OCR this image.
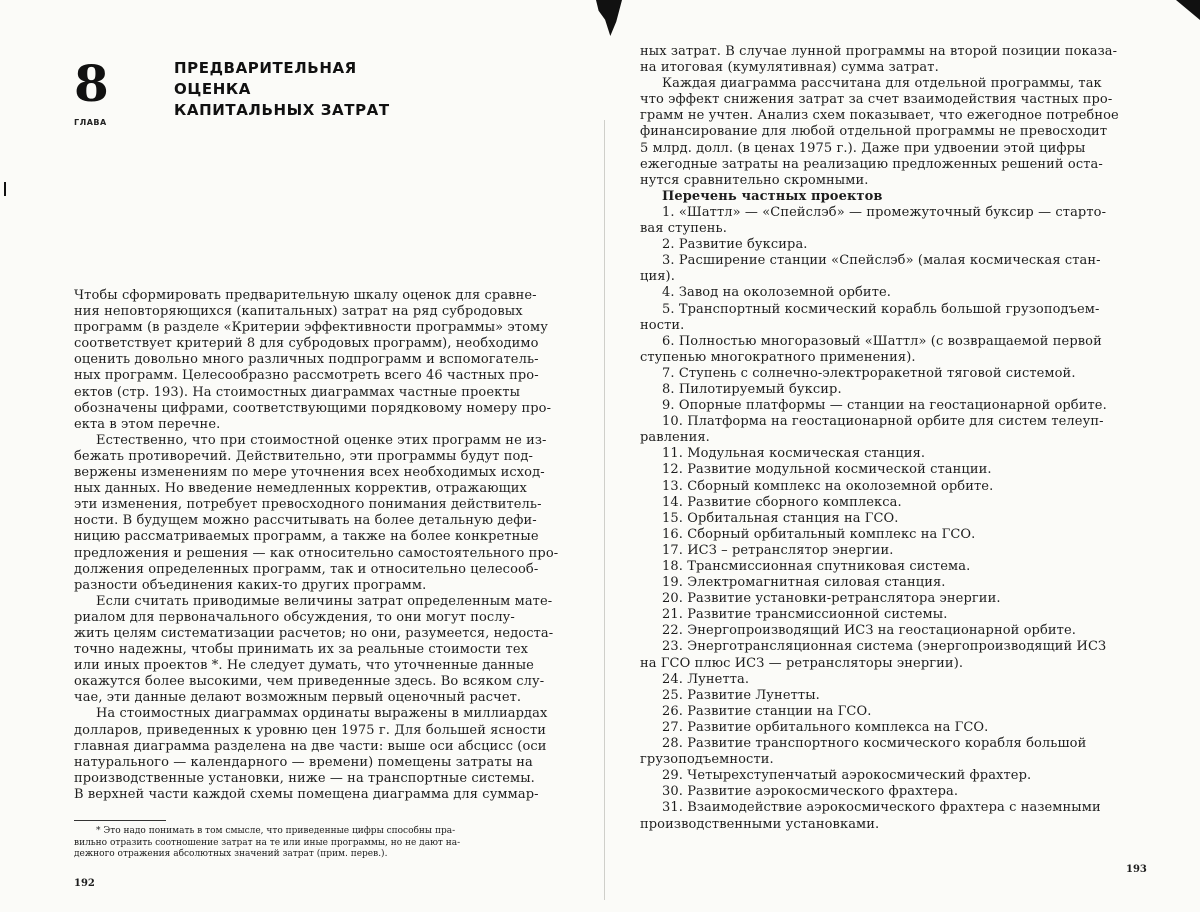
8
ГЛАВА
ПРЕДВАРИТЕЛЬНАЯ
ОЦЕНКА
КАПИТАЛЬНЫХ ЗАТРАТ
Чтобы сформировать предварительную шкалу оценок для сравне-
ния неповторяющихся (капитальных) затрат на ряд субродовых
программ (в разделе «Критерии эффективности программы» этому
соответствует критерий 8 для субродовых программ), необходимо
оценить довольно много различных подпрограмм и вспомогатель-
ных программ. Целесообразно рассмотреть всего 46 частных про-
ектов (стр. 193). На стоимостных диаграммах частные проекты
обозначены цифрами, соответствующими порядковому номеру про-
екта в этом перечне.
Естественно, что при стоимостной оценке этих программ не из-
бежать противоречий. Действительно, эти программы будут под-
вержены изменениям по мере уточнения всех необходимых исход-
ных данных. Но введение немедленных корректив, отражающих
эти изменения, потребует превосходного понимания действитель-
ности. В будущем можно рассчитывать на более детальную дефи-
ницию рассматриваемых программ, а также на более конкретные
предложения и решения — как относительно самостоятельного про-
должения определенных программ, так и относительно целесооб-
разности объединения каких-то других программ.
Если считать приводимые величины затрат определенным мате-
риалом для первоначального обсуждения, то они могут послу-
жить целям систематизации расчетов; но они, разумеется, недоста-
точно надежны, чтобы принимать их за реальные стоимости тех
или иных проектов *. Не следует думать, что уточненные данные
окажутся более высокими, чем приведенные здесь. Во всяком слу-
чае, эти данные делают возможным первый оценочный расчет.
На стоимостных диаграммах ординаты выражены в миллиардах
долларов, приведенных к уровню цен 1975 г. Для большей ясности
главная диаграмма разделена на две части: выше оси абсцисс (оси
натурального — календарного — времени) помещены затраты на
производственные установки, ниже — на транспортные системы.
В верхней части каждой схемы помещена диаграмма для суммар-
* Это надо понимать в том смысле, что приведенные цифры способны пра-
вильно отразить соотношение затрат на те или иные программы, но не дают на-
дежного отражения абсолютных значений затрат (прим. перев.).
192
193
ных затрат. В случае лунной программы на второй позиции показа-
на итоговая (кумулятивная) сумма затрат.
Каждая диаграмма рассчитана для отдельной программы, так
что эффект снижения затрат за счет взаимодействия частных про-
грамм не учтен. Анализ схем показывает, что ежегодное потребное
финансирование для любой отдельной программы не превосходит
5 млрд. долл. (в ценах 1975 г.). Даже при удвоении этой цифры
ежегодные затраты на реализацию предложенных решений оста-
нутся сравнительно скромными.
Перечень частных проектов
1. «Шаттл» — «Спейслэб» — промежуточный буксир — старто-
вая ступень.
2. Развитие буксира.
3. Расширение станции «Спейслэб» (малая космическая стан-
ция).
4. Завод на околоземной орбите.
5. Транспортный космический корабль большой грузоподъем-
ности.
6. Полностью многоразовый «Шаттл» (с возвращаемой первой
ступенью многократного применения).
7. Ступень с солнечно-электроракетной тяговой системой.
8. Пилотируемый буксир.
9. Опорные платформы — станции на геостационарной орбите.
10. Платформа на геостационарной орбите для систем телеуп-
равления.
11. Модульная космическая станция.
12. Развитие модульной космической станции.
13. Сборный комплекс на околоземной орбите.
14. Развитие сборного комплекса.
15. Орбитальная станция на ГСО.
16. Сборный орбитальный комплекс на ГСО.
17. ИСЗ – ретранслятор энергии.
18. Трансмиссионная спутниковая система.
19. Электромагнитная силовая станция.
20. Развитие установки-ретранслятора энергии.
21. Развитие трансмиссионной системы.
22. Энергопроизводящий ИСЗ на геостационарной орбите.
23. Энерготрансляционная система (энергопроизводящий ИСЗ
на ГСО плюс ИСЗ — ретрансляторы энергии).
24. Лунетта.
25. Развитие Лунетты.
26. Развитие станции на ГСО.
27. Развитие орбитального комплекса на ГСО.
28. Развитие транспортного космического корабля большой
грузоподъемности.
29. Четырехступенчатый аэрокосмический фрахтер.
30. Развитие аэрокосмического фрахтера.
31. Взаимодействие аэрокосмического фрахтера с наземными
производственными установками.
